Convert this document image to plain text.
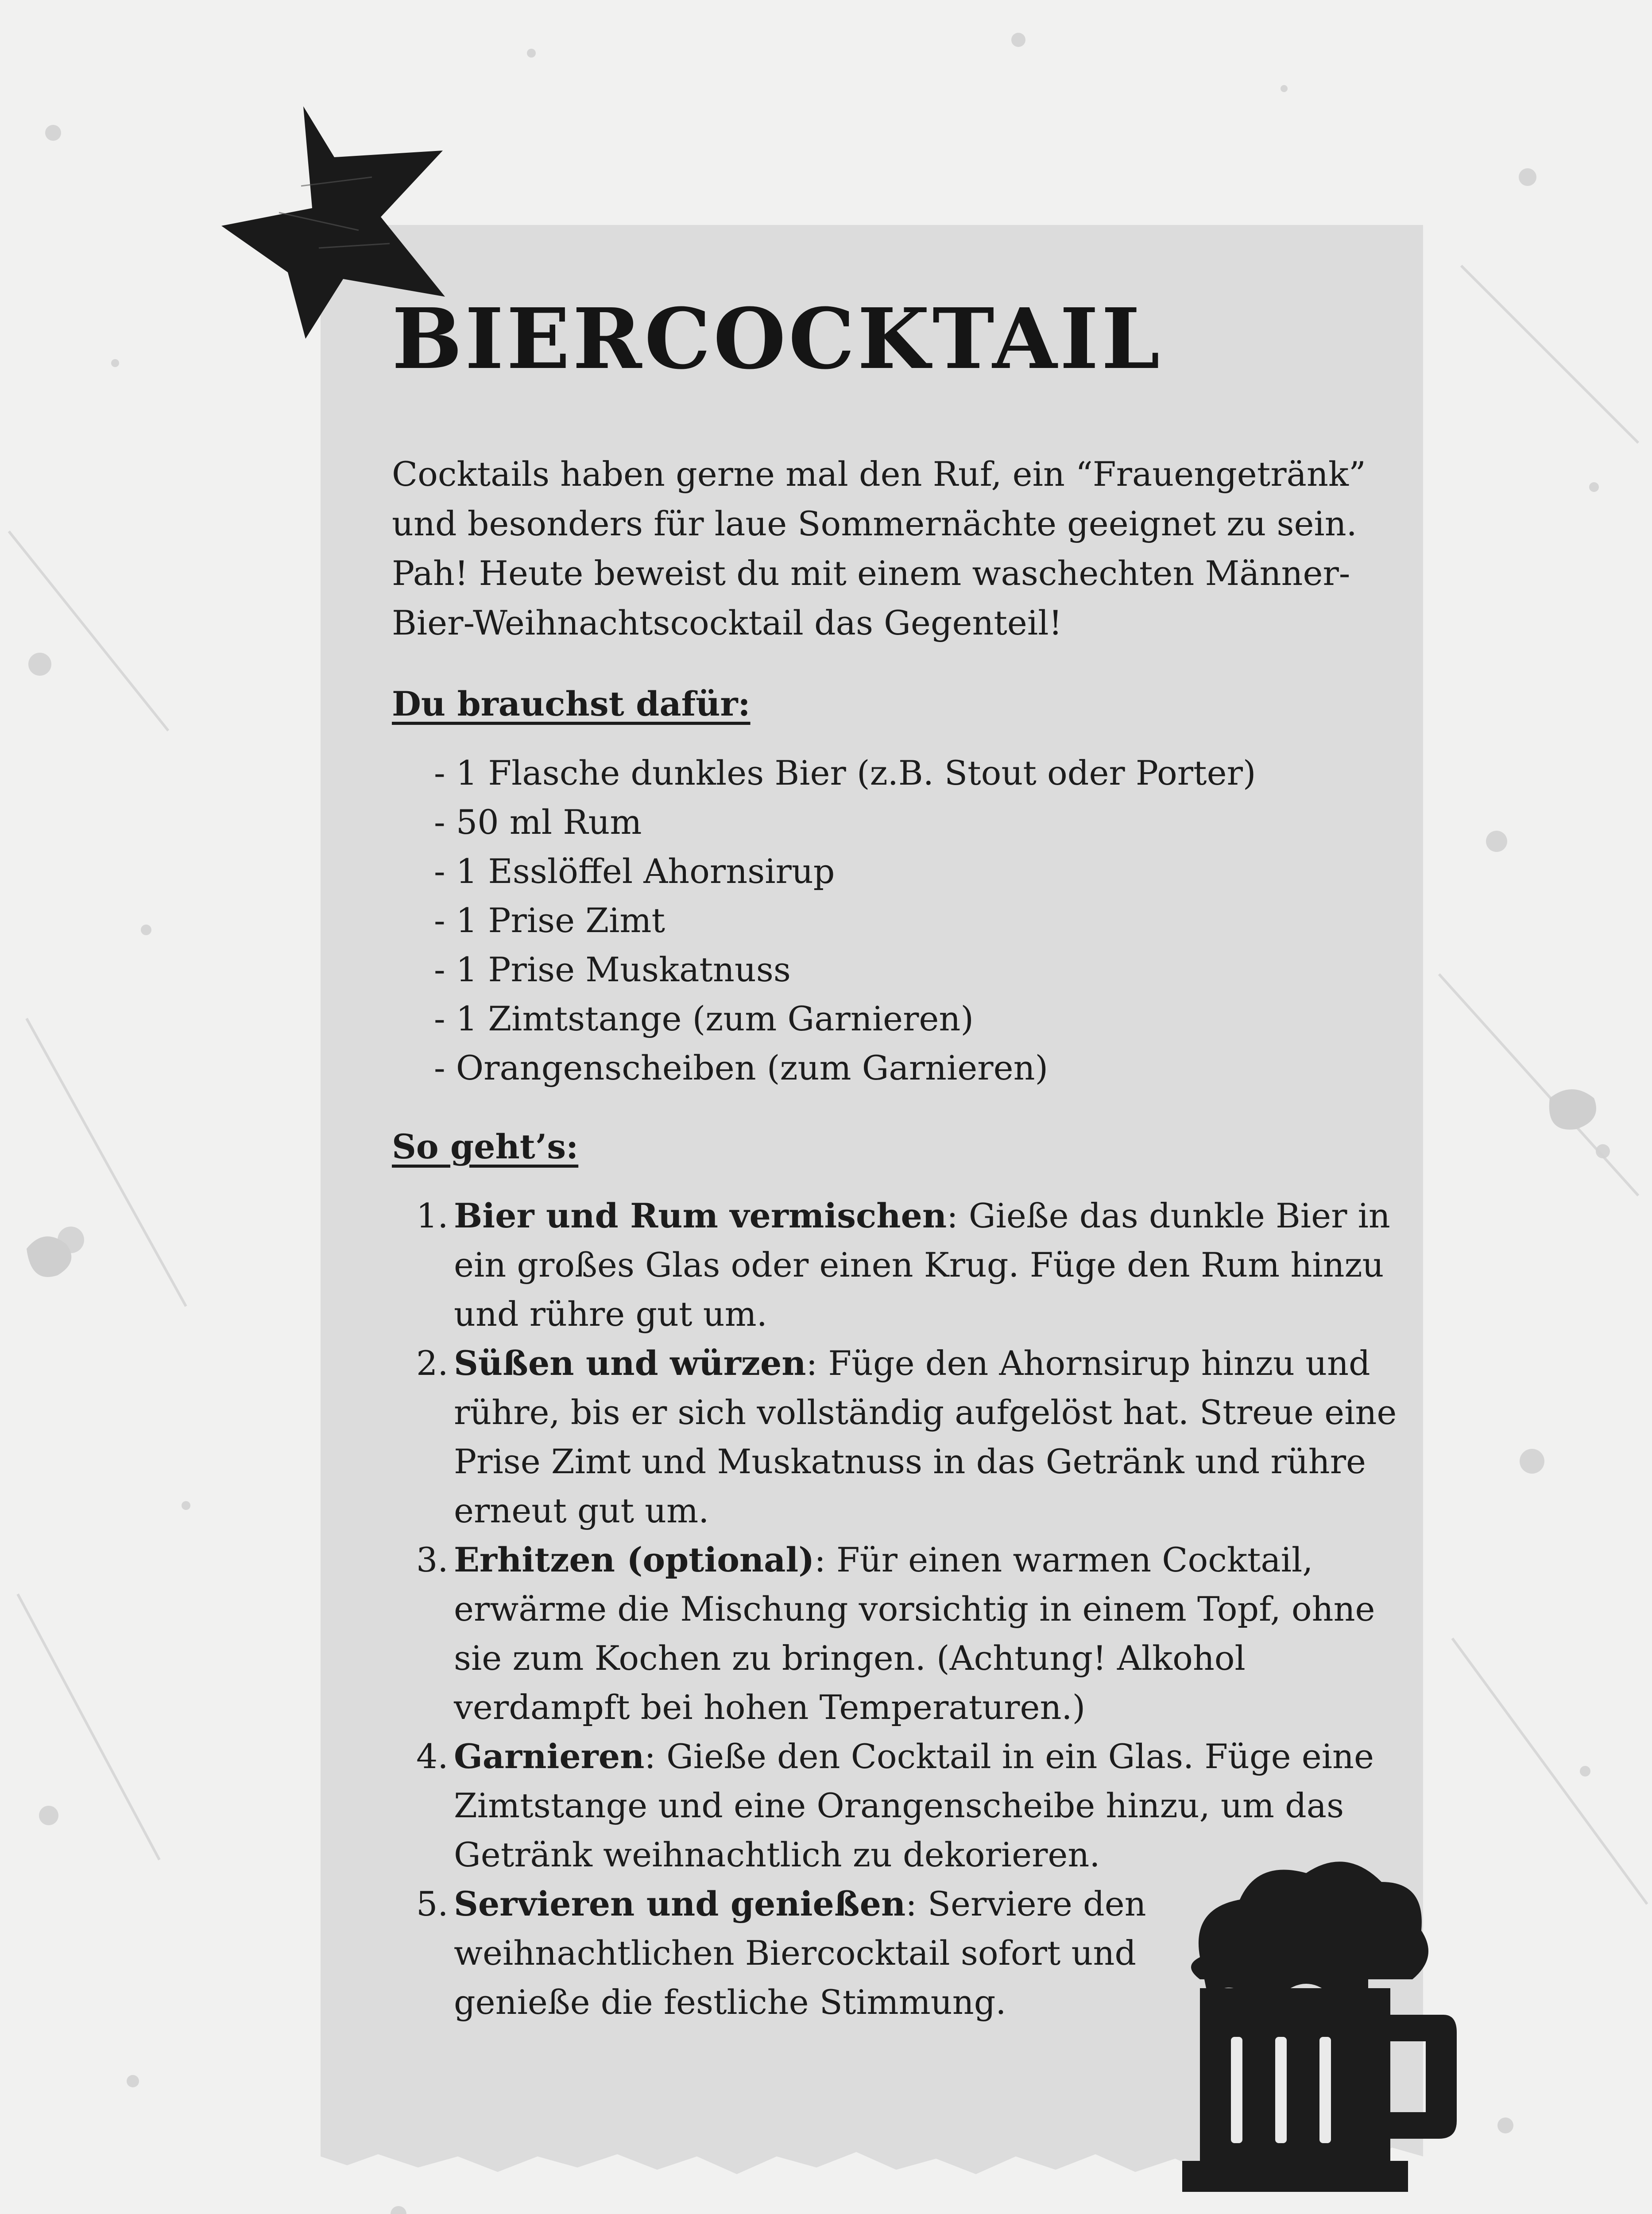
BIERCOCKTAIL

Cocktails haben gerne mal den Ruf, ein “Frauengetränk” und besonders für laue Sommernächte geeignet zu sein. Pah! Heute beweist du mit einem waschechten Männer-Bier-Weihnachtscocktail das Gegenteil!

Du brauchst dafür:
- 1 Flasche dunkles Bier (z.B. Stout oder Porter)
- 50 ml Rum
- 1 Esslöffel Ahornsirup
- 1 Prise Zimt
- 1 Prise Muskatnuss
- 1 Zimtstange (zum Garnieren)
- Orangenscheiben (zum Garnieren)
So geht’s:
1. Bier und Rum vermischen: Gieße das dunkle Bier in ein großes Glas oder einen Krug. Füge den Rum hinzu und rühre gut um.
2. Süßen und würzen: Füge den Ahornsirup hinzu und rühre, bis er sich vollständig aufgelöst hat. Streue eine Prise Zimt und Muskatnuss in das Getränk und rühre erneut gut um.
3. Erhitzen (optional): Für einen warmen Cocktail, erwärme die Mischung vorsichtig in einem Topf, ohne sie zum Kochen zu bringen. (Achtung! Alkohol verdampft bei hohen Temperaturen.)
4. Garnieren: Gieße den Cocktail in ein Glas. Füge eine Zimtstange und eine Orangenscheibe hinzu, um das Getränk weihnachtlich zu dekorieren.
5. Servieren und genießen: Serviere den weihnachtlichen Biercocktail sofort und genieße die festliche Stimmung.
